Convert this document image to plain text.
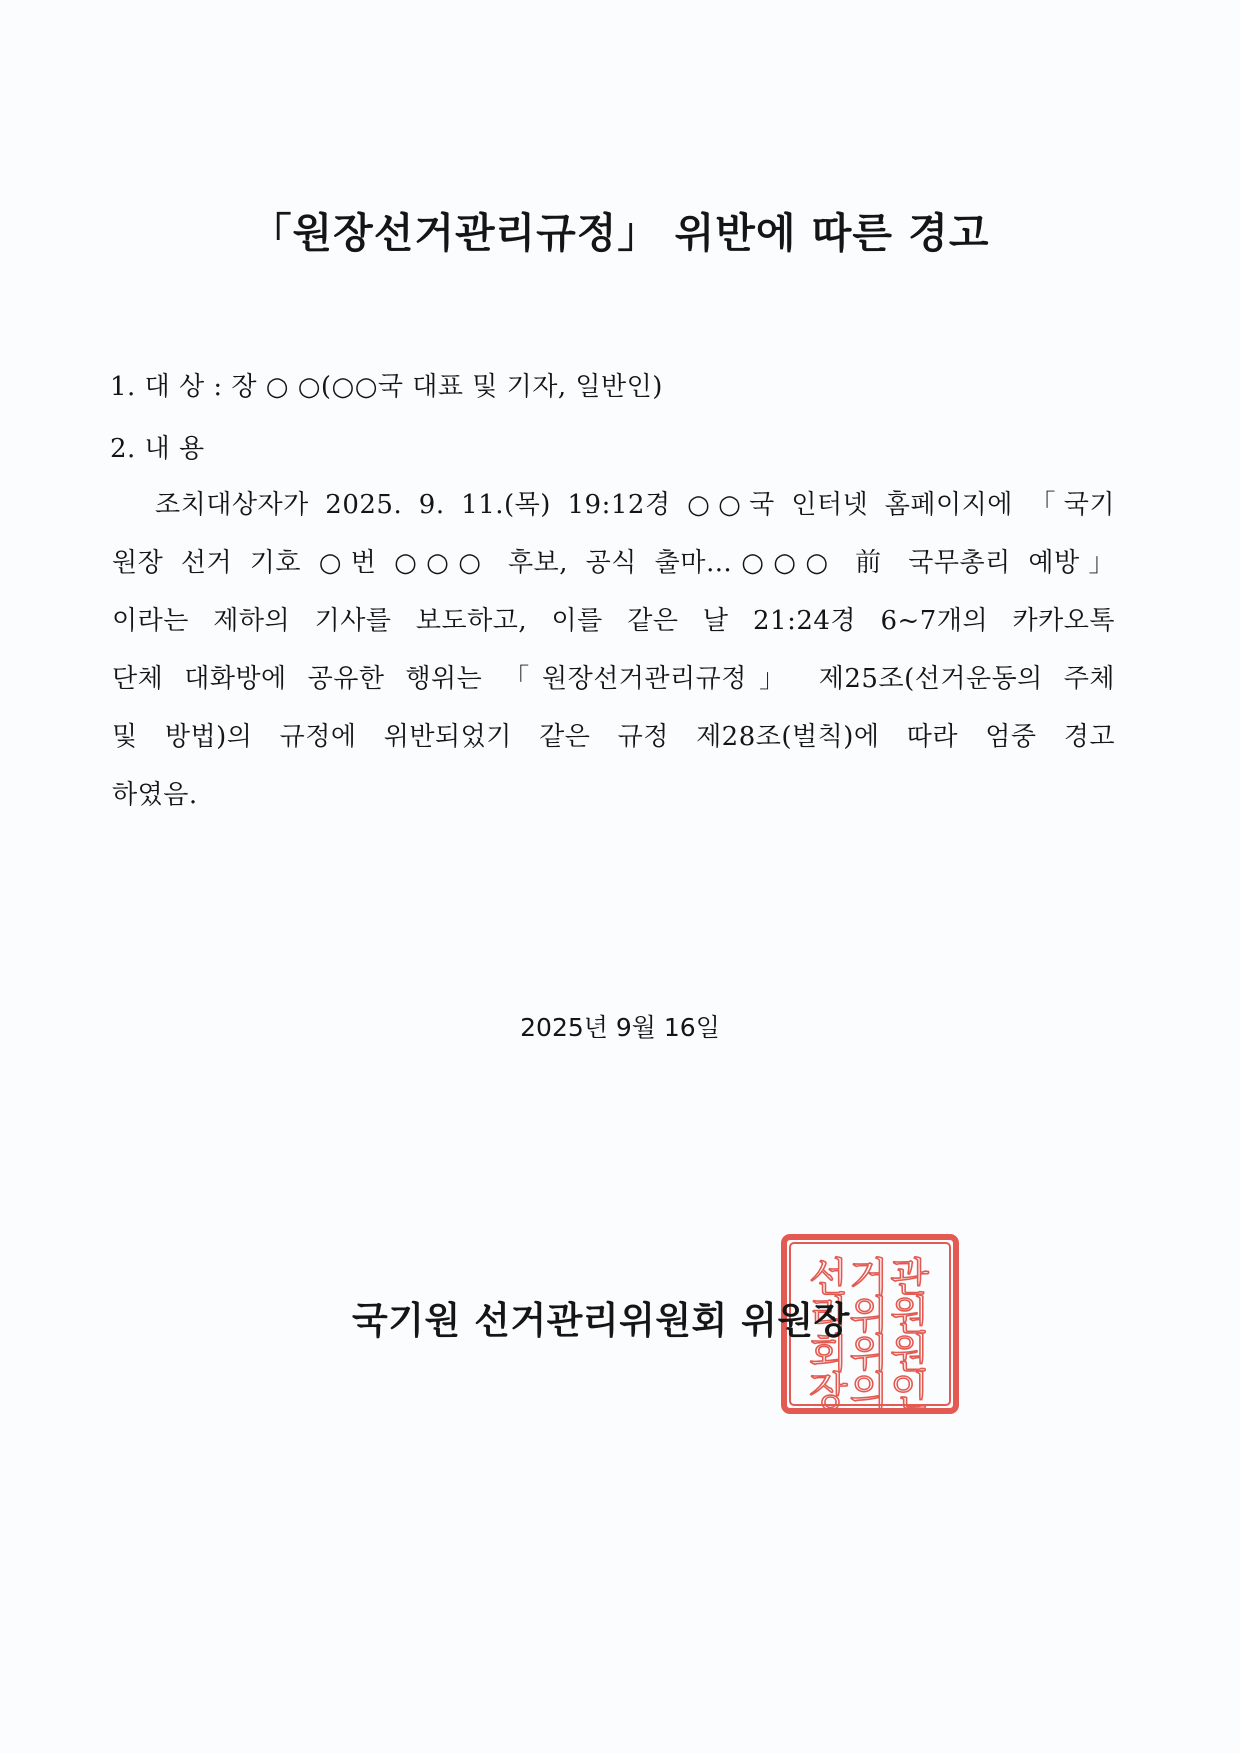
「원장선거관리규정」 위반에 따른 경고
1. 대 상 : 장 ○ ○(○○국 대표 및 기자, 일반인)
2. 내 용
조치대상자가 2025. 9. 11.(목) 19:12경 ○○국 인터넷 홈페이지에 「국기
원장 선거 기호 ○번 ○○○ 후보, 공식 출마…○○○ 前 국무총리 예방」
이라는 제하의 기사를 보도하고, 이를 같은 날 21:24경 6~7개의 카카오톡
단체 대화방에 공유한 행위는 「원장선거관리규정」 제25조(선거운동의 주체
및 방법)의 규정에 위반되었기 같은 규정 제28조(벌칙)에 따라 엄중 경고
하였음.
2025년 9월 16일
선거관
리위원
회위원
장의인
국기원 선거관리위원회 위원장
